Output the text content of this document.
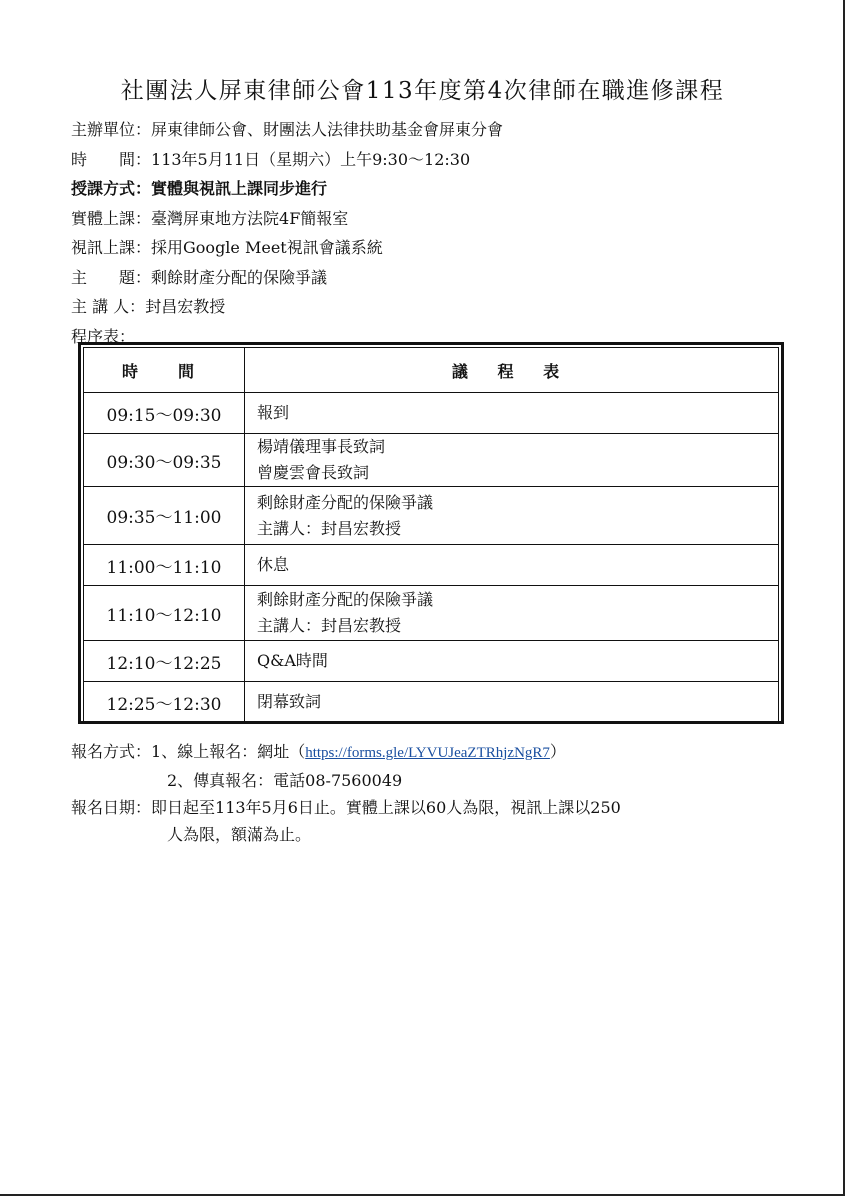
社團法人屏東律師公會113年度第4次律師在職進修課程
主辦單位：屏東律師公會、財團法人法律扶助基金會屏東分會
時　　間：113年5月11日（星期六）上午9:30～12:30
授課方式：實體與視訊上課同步進行
實體上課：臺灣屏東地方法院4F簡報室
視訊上課：採用Google Meet視訊會議系統
主　　題：剩餘財產分配的保險爭議
主 講 人：封昌宏教授
程序表：
時　間	議 程 表
09:15～09:30	報到

09:30～09:35	楊靖儀理事長致詞
曾慶雲會長致詞

09:35～11:00	剩餘財產分配的保險爭議
主講人：封昌宏教授

11:00～11:10	休息

11:10～12:10	剩餘財產分配的保險爭議
主講人：封昌宏教授

12:10～12:25	Q&A時間

12:25～12:30	閉幕致詞
報名方式：1、線上報名：網址（https://forms.gle/LYVUJeaZTRhjzNgR7）
2、傳真報名：電話08-7560049
報名日期：即日起至113年5月6日止。實體上課以60人為限，視訊上課以250
人為限，額滿為止。
